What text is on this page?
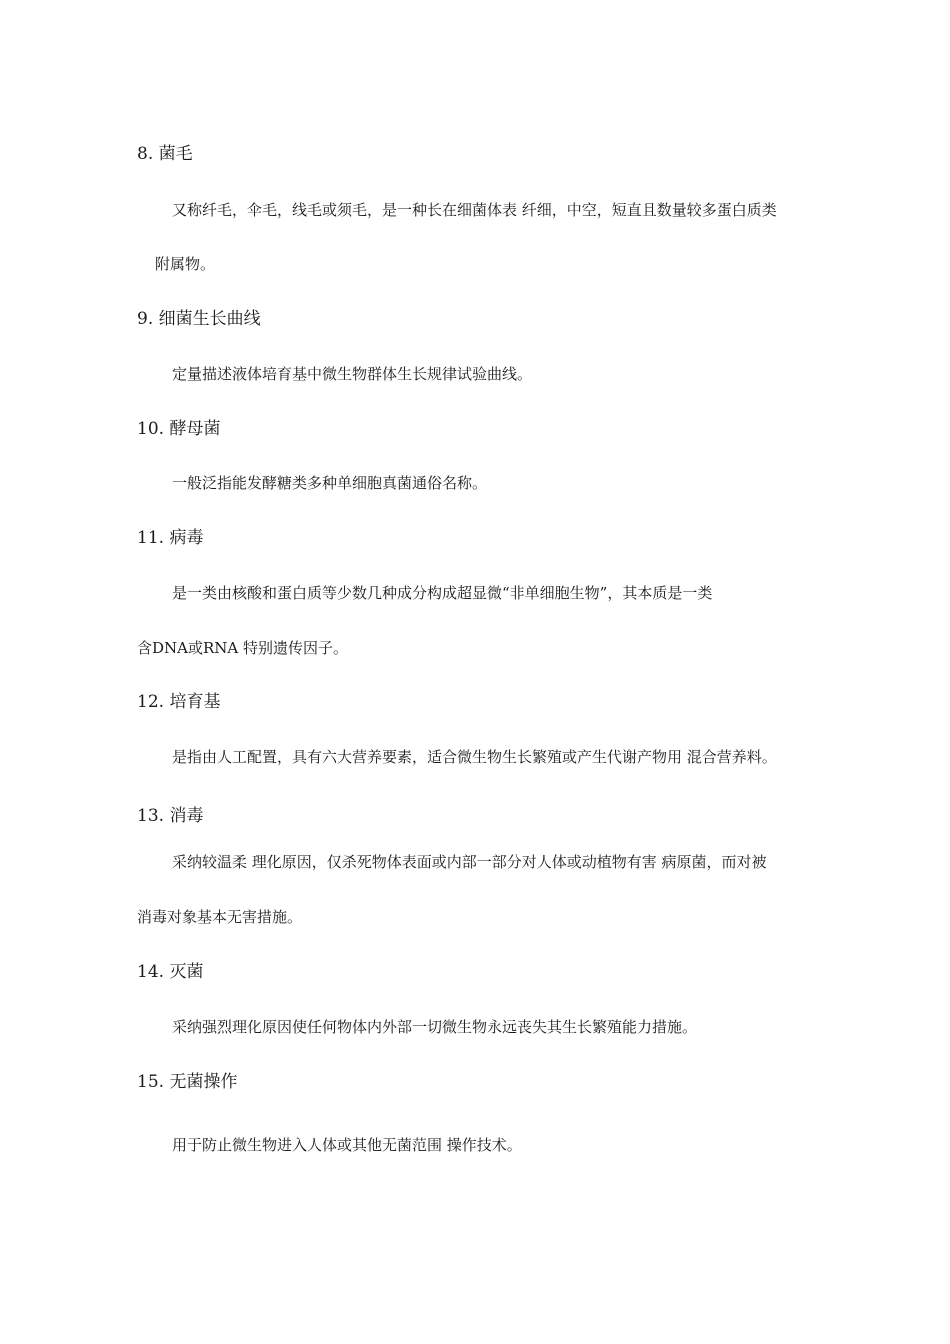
8. 菌毛
又称纤毛，伞毛，线毛或须毛，是一种长在细菌体表 纤细，中空，短直且数量较多蛋白质类
附属物。
9. 细菌生长曲线
定量描述液体培育基中微生物群体生长规律试验曲线。
10. 酵母菌
一般泛指能发酵糖类多种单细胞真菌通俗名称。
11. 病毒
是一类由核酸和蛋白质等少数几种成分构成超显微“非单细胞生物”，其本质是一类
含DNA或RNA 特别遗传因子。
12. 培育基
是指由人工配置，具有六大营养要素，适合微生物生长繁殖或产生代谢产物用 混合营养料。
13. 消毒
采纳较温柔 理化原因，仅杀死物体表面或内部一部分对人体或动植物有害 病原菌，而对被
消毒对象基本无害措施。
14. 灭菌
采纳强烈理化原因使任何物体内外部一切微生物永远丧失其生长繁殖能力措施。
15. 无菌操作
用于防止微生物进入人体或其他无菌范围 操作技术。
